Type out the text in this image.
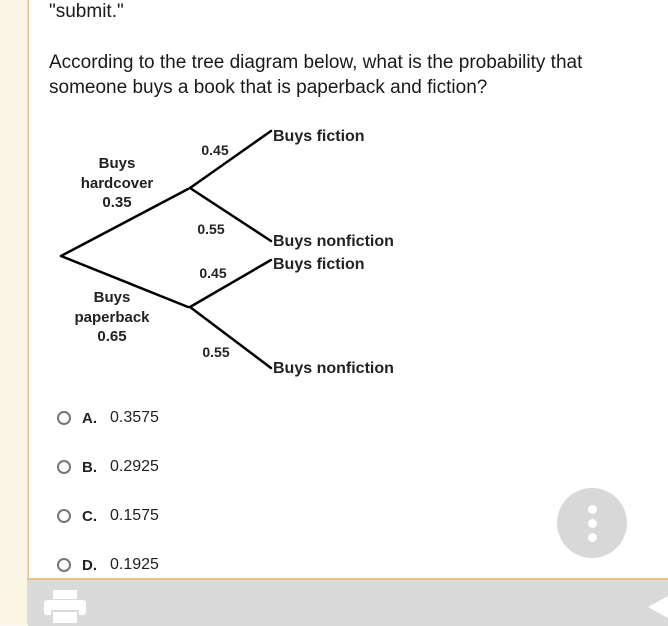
"submit."

According to the tree diagram below, what is the probability that someone buys a book that is paperback and fiction?

Buys
hardcover
0.35
Buys
paperback
0.65
0.45
0.55
0.45
0.55
Buys fiction
Buys nonfiction
Buys fiction
Buys nonfiction
A. 0.3575
B. 0.2925
C. 0.1575
D. 0.1925
